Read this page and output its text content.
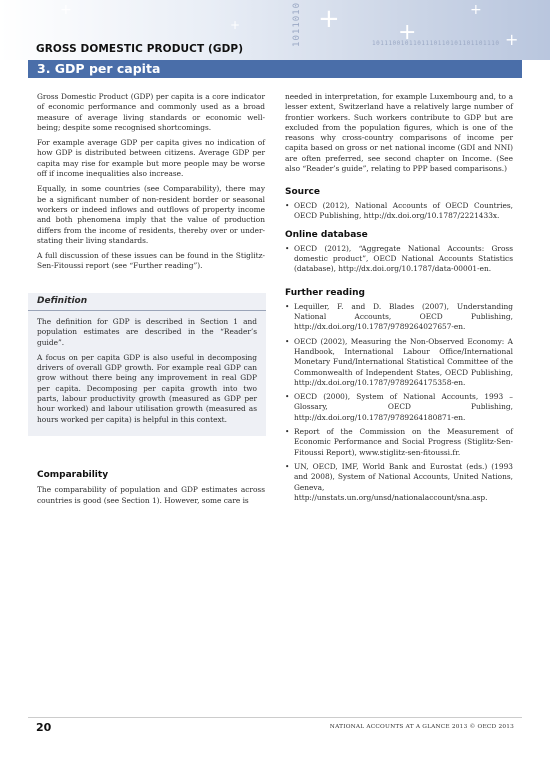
+
+	+	+
+
+
1011010	1011100101101110110101101101110
GROSS DOMESTIC PRODUCT (GDP)
3. GDP per capita

Gross Domestic Product (GDP) per capita is a core indicator of economic performance and commonly used as a broad measure of average living standards or economic well-being; despite some recognised shortcomings.

For example average GDP per capita gives no indication of how GDP is distributed between citizens. Average GDP per capita may rise for example but more people may be worse off if income inequalities also increase.

Equally, in some countries (see Comparability), there may be a significant number of non-resident border or seasonal workers or indeed inflows and outflows of property income and both phenomena imply that the value of production differs from the income of residents, thereby over or under-stating their living standards.

A full discussion of these issues can be found in the Stiglitz-Sen-Fitoussi report (see “Further reading”).

Definition

The definition for GDP is described in Section 1 and population estimates are described in the “Reader’s guide”.

A focus on per capita GDP is also useful in decomposing drivers of overall GDP growth. For example real GDP can grow without there being any improvement in real GDP per capita. Decomposing per capita growth into two parts, labour productivity growth (measured as GDP per hour worked) and labour utilisation growth (measured as hours worked per capita) is helpful in this context.

Comparability

The comparability of population and GDP estimates across countries is good (see Section 1). However, some care is

needed in interpretation, for example Luxembourg and, to a lesser extent, Switzerland have a relatively large number of frontier workers. Such workers contribute to GDP but are excluded from the population figures, which is one of the reasons why cross-country comparisons of income per capita based on gross or net national income (GDI and NNI) are often preferred, see second chapter on Income. (See also “Reader’s guide”, relating to PPP based comparisons.)

Source
• OECD (2012), National Accounts of OECD Countries, OECD Publishing, http://dx.doi.org/10.1787/2221433x.
Online database
• OECD (2012), “Aggregate National Accounts: Gross domestic product”, OECD National Accounts Statistics (database), http://dx.doi.org/10.1787/data-00001-en.
Further reading
• Lequiller, F. and D. Blades (2007), Understanding National Accounts, OECD Publishing, http://dx.doi.org/10.1787/9789264027657-en.
• OECD (2002), Measuring the Non-Observed Economy: A Handbook, International Labour Office/International Monetary Fund/International Statistical Committee of the Commonwealth of Independent States, OECD Publishing, http://dx.doi.org/10.1787/9789264175358-en.
• OECD (2000), System of National Accounts, 1993 – Glossary, OECD Publishing, http://dx.doi.org/10.1787/9789264180871-en.
• Report of the Commission on the Measurement of Economic Performance and Social Progress (Stiglitz-Sen-Fitoussi Report), www.stiglitz-sen-fitoussi.fr.
• UN, OECD, IMF, World Bank and Eurostat (eds.) (1993 and 2008), System of National Accounts, United Nations, Geneva, http://unstats.un.org/unsd/nationalaccount/sna.asp.
20	NATIONAL ACCOUNTS AT A GLANCE 2013 © OECD 2013
